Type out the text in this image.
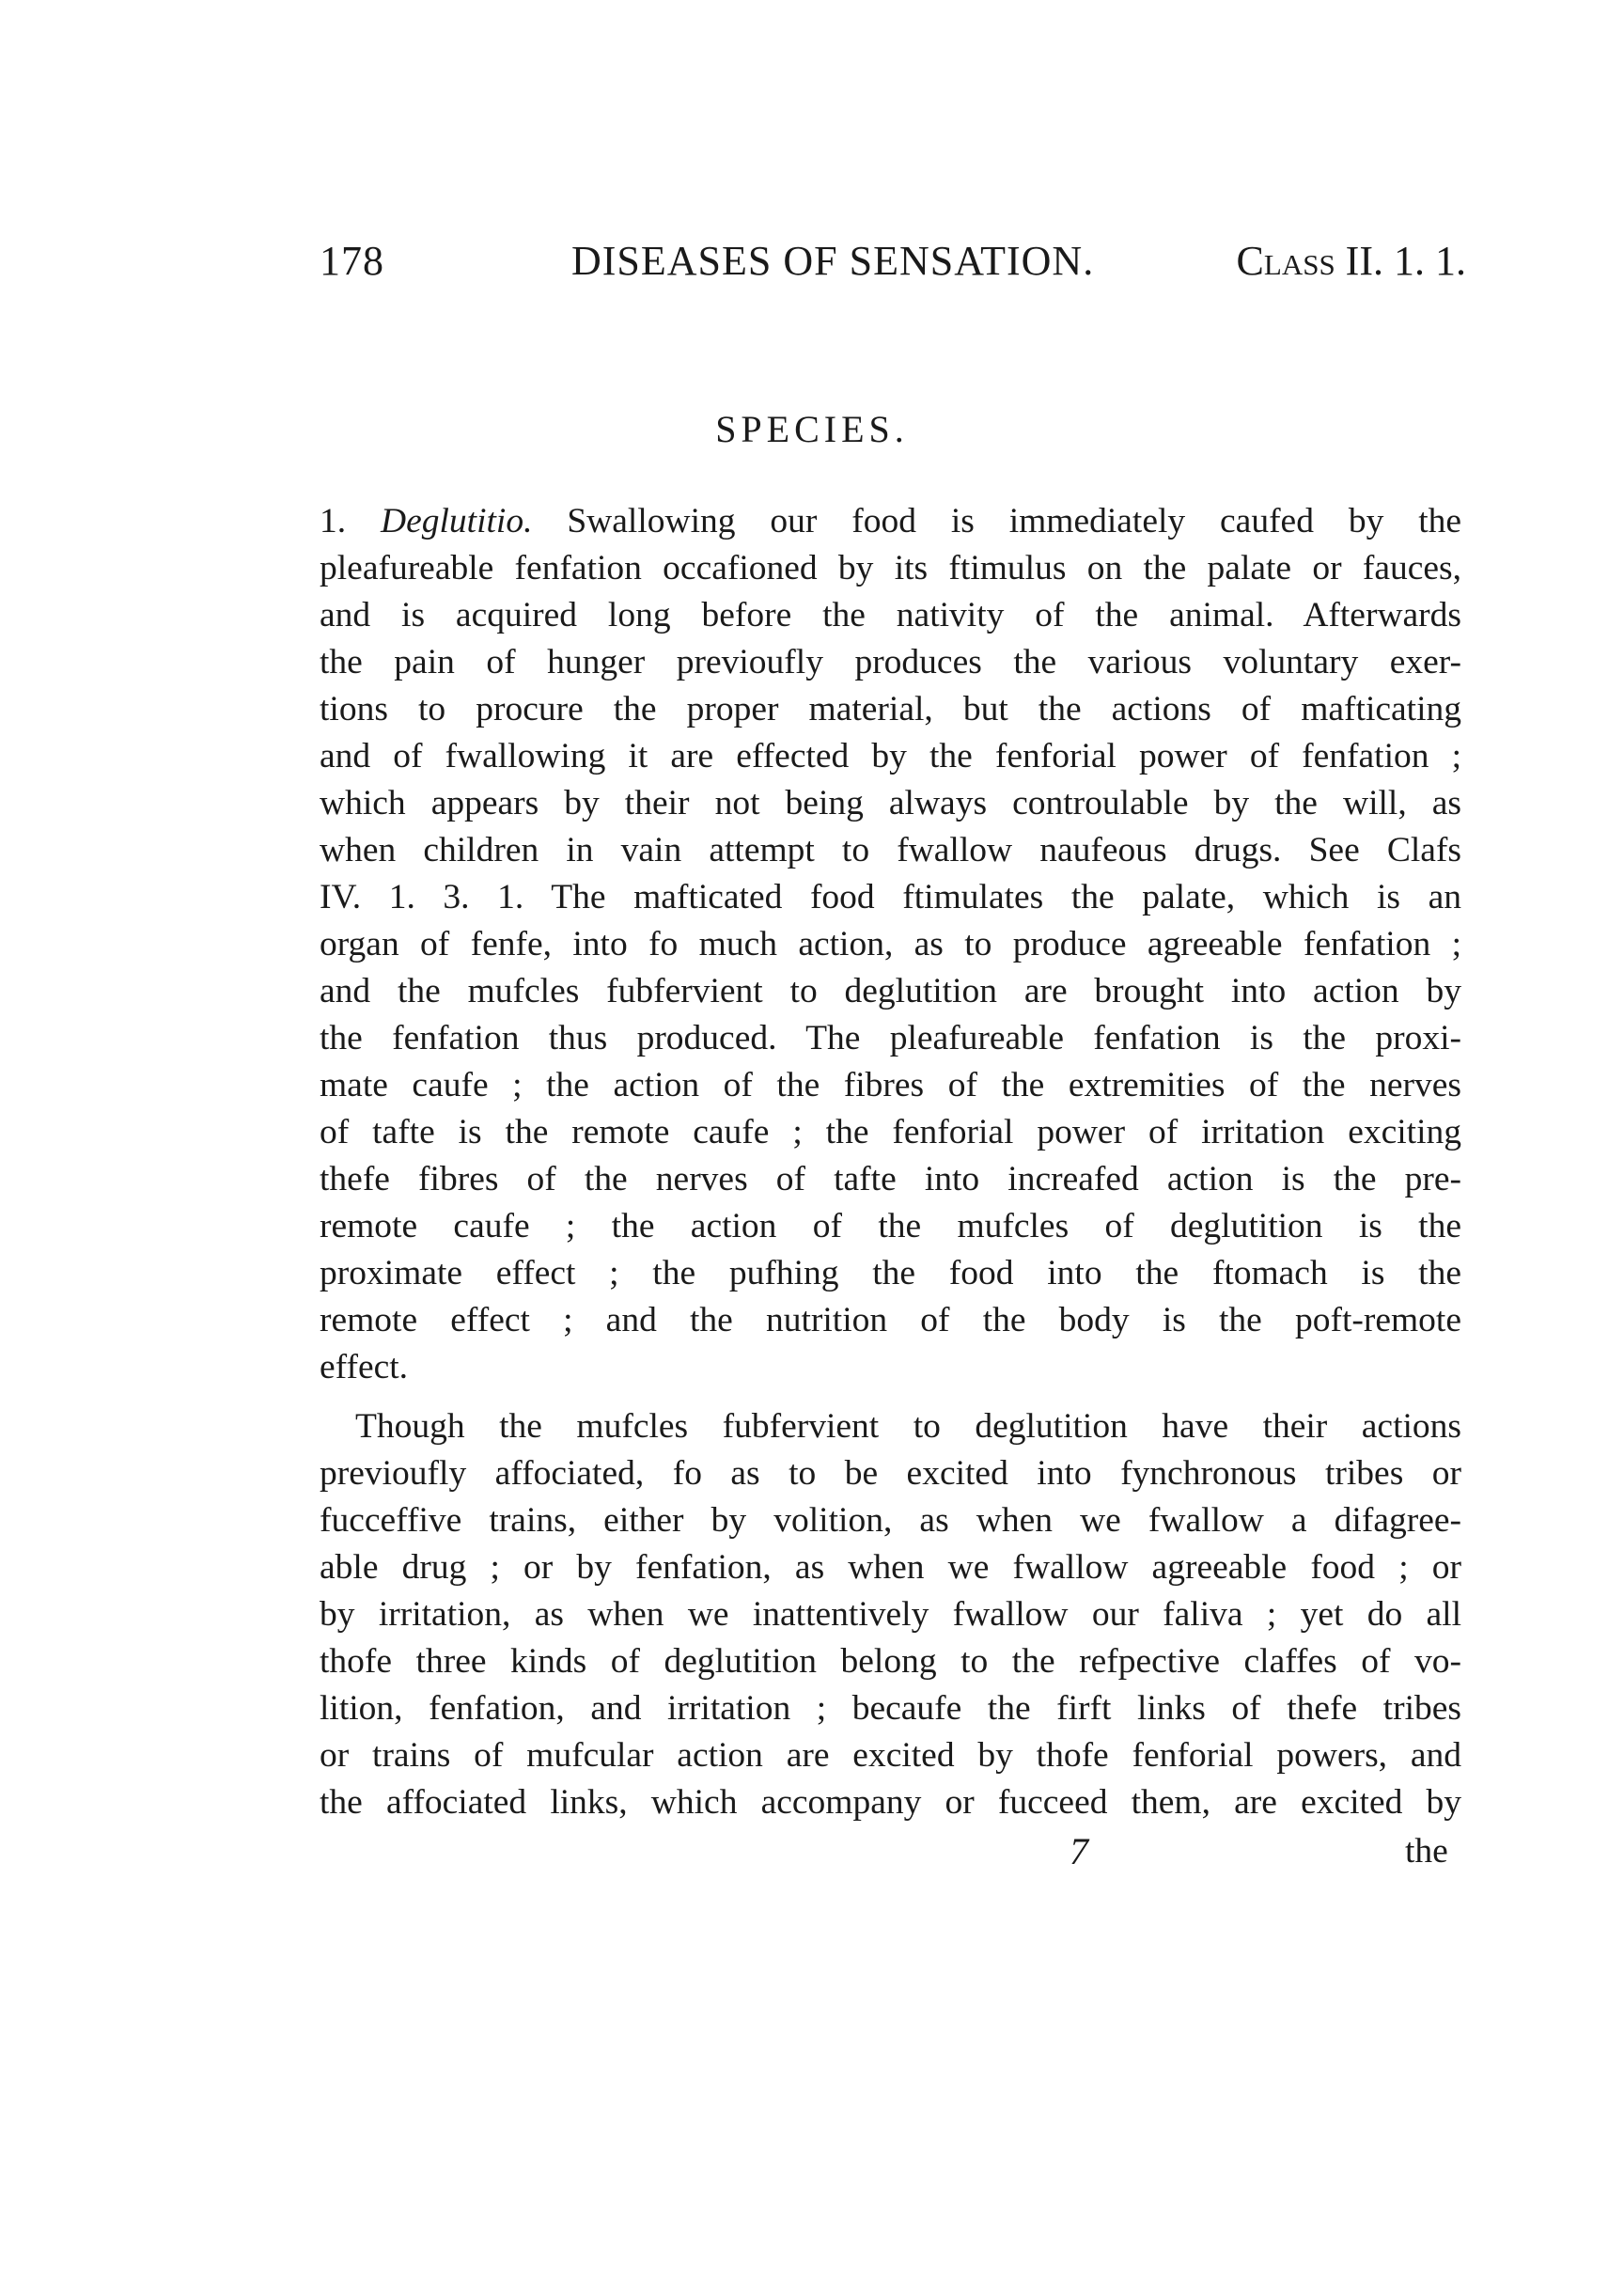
178	DISEASES OF SENSATION.	Class II. 1. 1.
SPECIES.
1. Deglutitio. Swallowing our food is immediately caufed by the
pleafureable fenfation occafioned by its ftimulus on the palate or fauces,
and is acquired long before the nativity of the animal. Afterwards
the pain of hunger previoufly produces the various voluntary exer-
tions to procure the proper material, but the actions of mafticating
and of fwallowing it are effected by the fenforial power of fenfation ;
which appears by their not being always controulable by the will, as
when children in vain attempt to fwallow naufeous drugs. See Clafs
IV. 1. 3. 1. The mafticated food ftimulates the palate, which is an
organ of fenfe, into fo much action, as to produce agreeable fenfation ;
and the mufcles fubfervient to deglutition are brought into action by
the fenfation thus produced. The pleafureable fenfation is the proxi-
mate caufe ; the action of the fibres of the extremities of the nerves
of tafte is the remote caufe ; the fenforial power of irritation exciting
thefe fibres of the nerves of tafte into increafed action is the pre-
remote caufe ; the action of the mufcles of deglutition is the
proximate effect ; the pufhing the food into the ftomach is the
remote effect ; and the nutrition of the body is the poft-remote
effect.
Though the mufcles fubfervient to deglutition have their actions
previoufly affociated, fo as to be excited into fynchronous tribes or
fucceffive trains, either by volition, as when we fwallow a difagree-
able drug ; or by fenfation, as when we fwallow agreeable food ; or
by irritation, as when we inattentively fwallow our faliva ; yet do all
thofe three kinds of deglutition belong to the refpective claffes of vo-
lition, fenfation, and irritation ; becaufe the firft links of thefe tribes
or trains of mufcular action are excited by thofe fenforial powers, and
the affociated links, which accompany or fucceed them, are excited by
7	the
